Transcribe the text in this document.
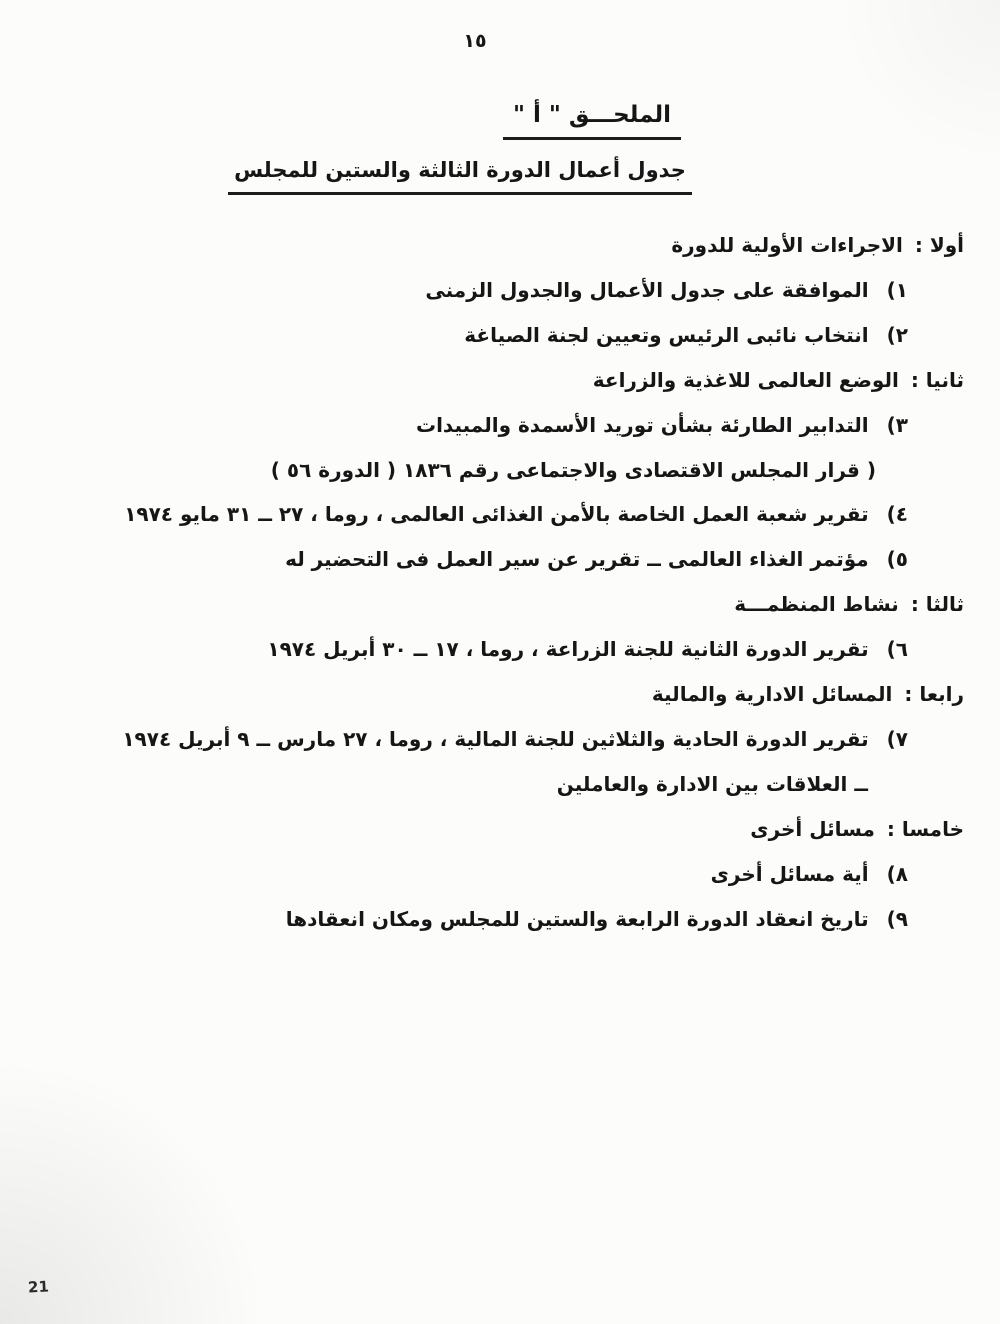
١٥
الملحـــق " أ "
جدول أعمال الدورة الثالثة والستين للمجلس
أولا :الاجراءات الأولية للدورة
١)
الموافقة على جدول الأعمال والجدول الزمنى
٢)
انتخاب نائبى الرئيس وتعيين لجنة الصياغة
ثانيا :الوضع العالمى للاغذية والزراعة
٣)
التدابير الطارئة بشأن توريد الأسمدة والمبيدات
( قرار المجلس الاقتصادى والاجتماعى رقم ١٨٣٦ ( الدورة ٥٦ )
٤)
تقرير شعبة العمل الخاصة بالأمن الغذائى العالمى ، روما ، ٢٧ ــ ٣١ مايو ١٩٧٤
٥)
مؤتمر الغذاء العالمى ــ تقرير عن سير العمل فى التحضير له
ثالثا :نشاط المنظمـــة
٦)
تقرير الدورة الثانية للجنة الزراعة ، روما ، ١٧ ــ ٣٠ أبريل ١٩٧٤
رابعا :المسائل الادارية والمالية
٧)
تقرير الدورة الحادية والثلاثين للجنة المالية ، روما ، ٢٧ مارس ــ ٩ أبريل ١٩٧٤
ــ العلاقات بين الادارة والعاملين
خامسا :مسائل أخرى
٨)
أية مسائل أخرى
٩)
تاريخ انعقاد الدورة الرابعة والستين للمجلس ومكان انعقادها
21
